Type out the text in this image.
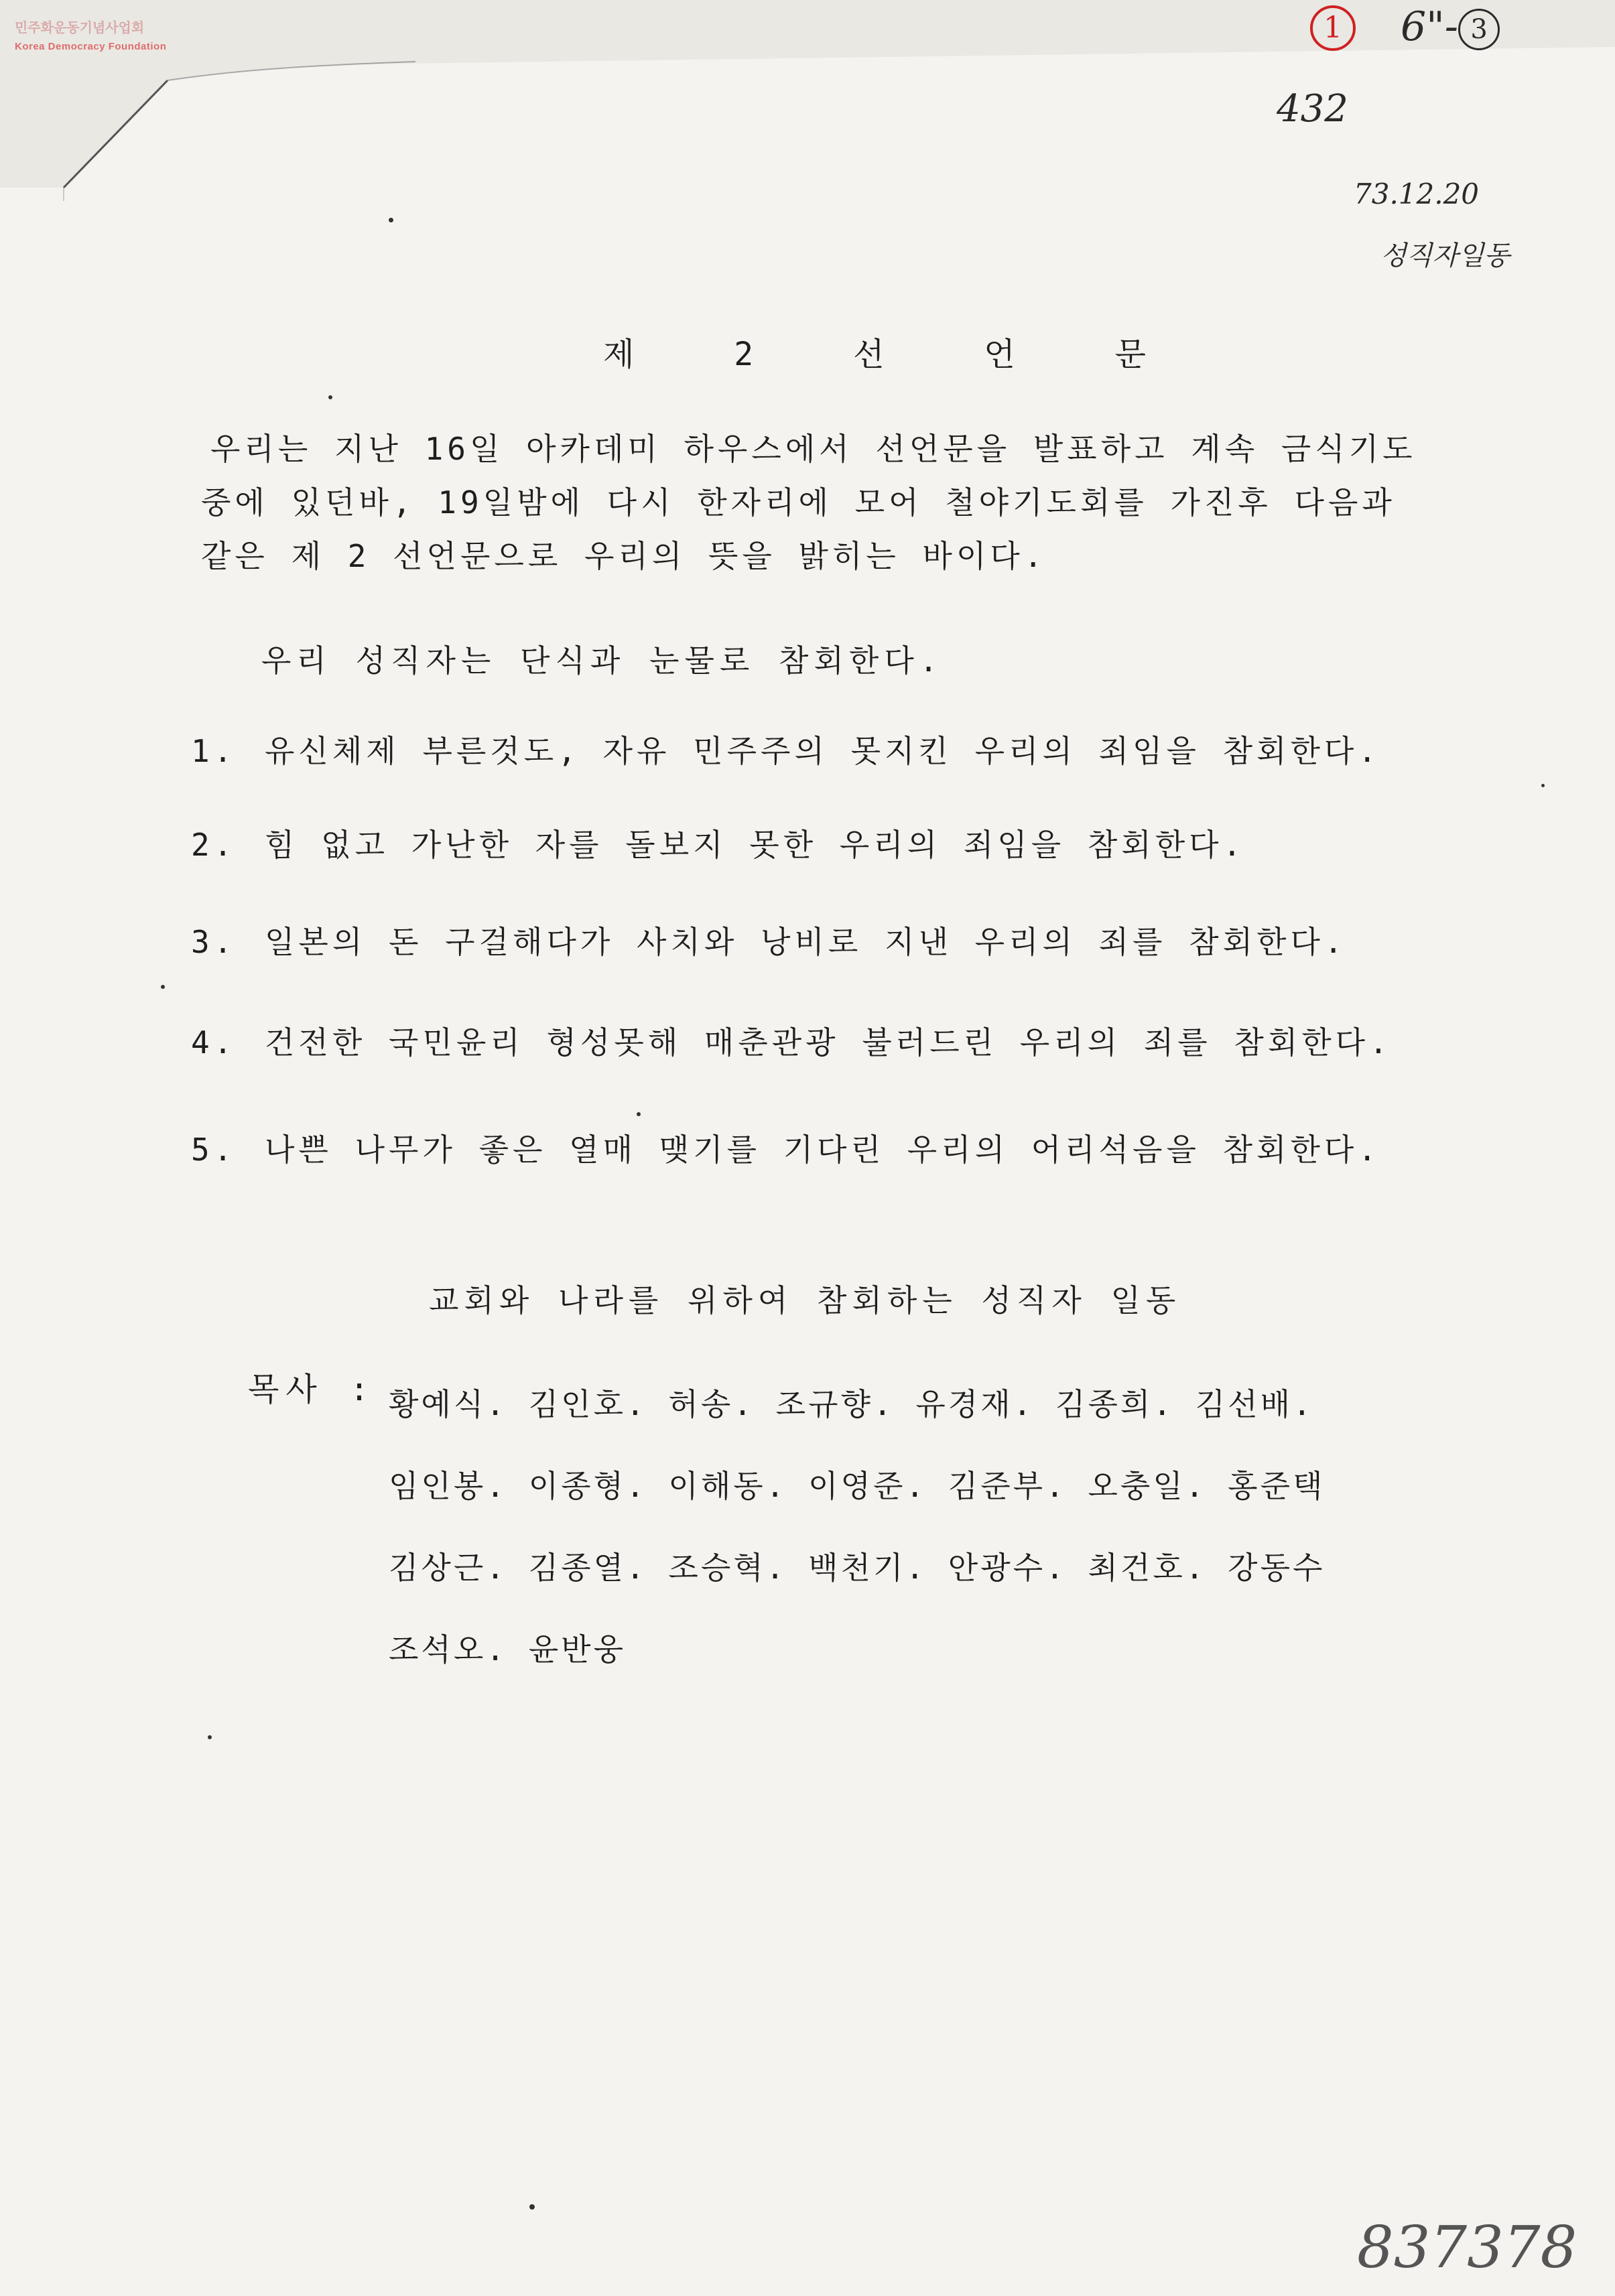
민주화운동기념사업회
Korea Democracy Foundation
1	6"- 3
432
73.12.20
성직자일동
837378
제 2 선 언 문
우리는 지난 16일 아카데미 하우스에서 선언문을 발표하고 계속 금식기도
중에 있던바, 19일밤에 다시 한자리에 모어 철야기도회를 가진후 다음과
같은 제 2 선언문으로 우리의 뜻을 밝히는 바이다.
우리 성직자는 단식과 눈물로 참회한다.
1. 유신체제 부른것도, 자유 민주주의 못지킨 우리의 죄임을 참회한다.
2. 힘 없고 가난한 자를 돌보지 못한 우리의 죄임을 참회한다.
3. 일본의 돈 구걸해다가 사치와 낭비로 지낸 우리의 죄를 참회한다.
4. 건전한 국민윤리 형성못해 매춘관광 불러드린 우리의 죄를 참회한다.
5. 나쁜 나무가 좋은 열매 맺기를 기다린 우리의 어리석음을 참회한다.
교회와 나라를 위하여 참회하는 성직자 일동
목사 : 황예식. 김인호. 허송. 조규향. 유경재. 김종희. 김선배.
임인봉. 이종형. 이해동. 이영준. 김준부. 오충일. 홍준택
김상근. 김종열. 조승혁. 백천기. 안광수. 최건호. 강동수
조석오. 윤반웅
